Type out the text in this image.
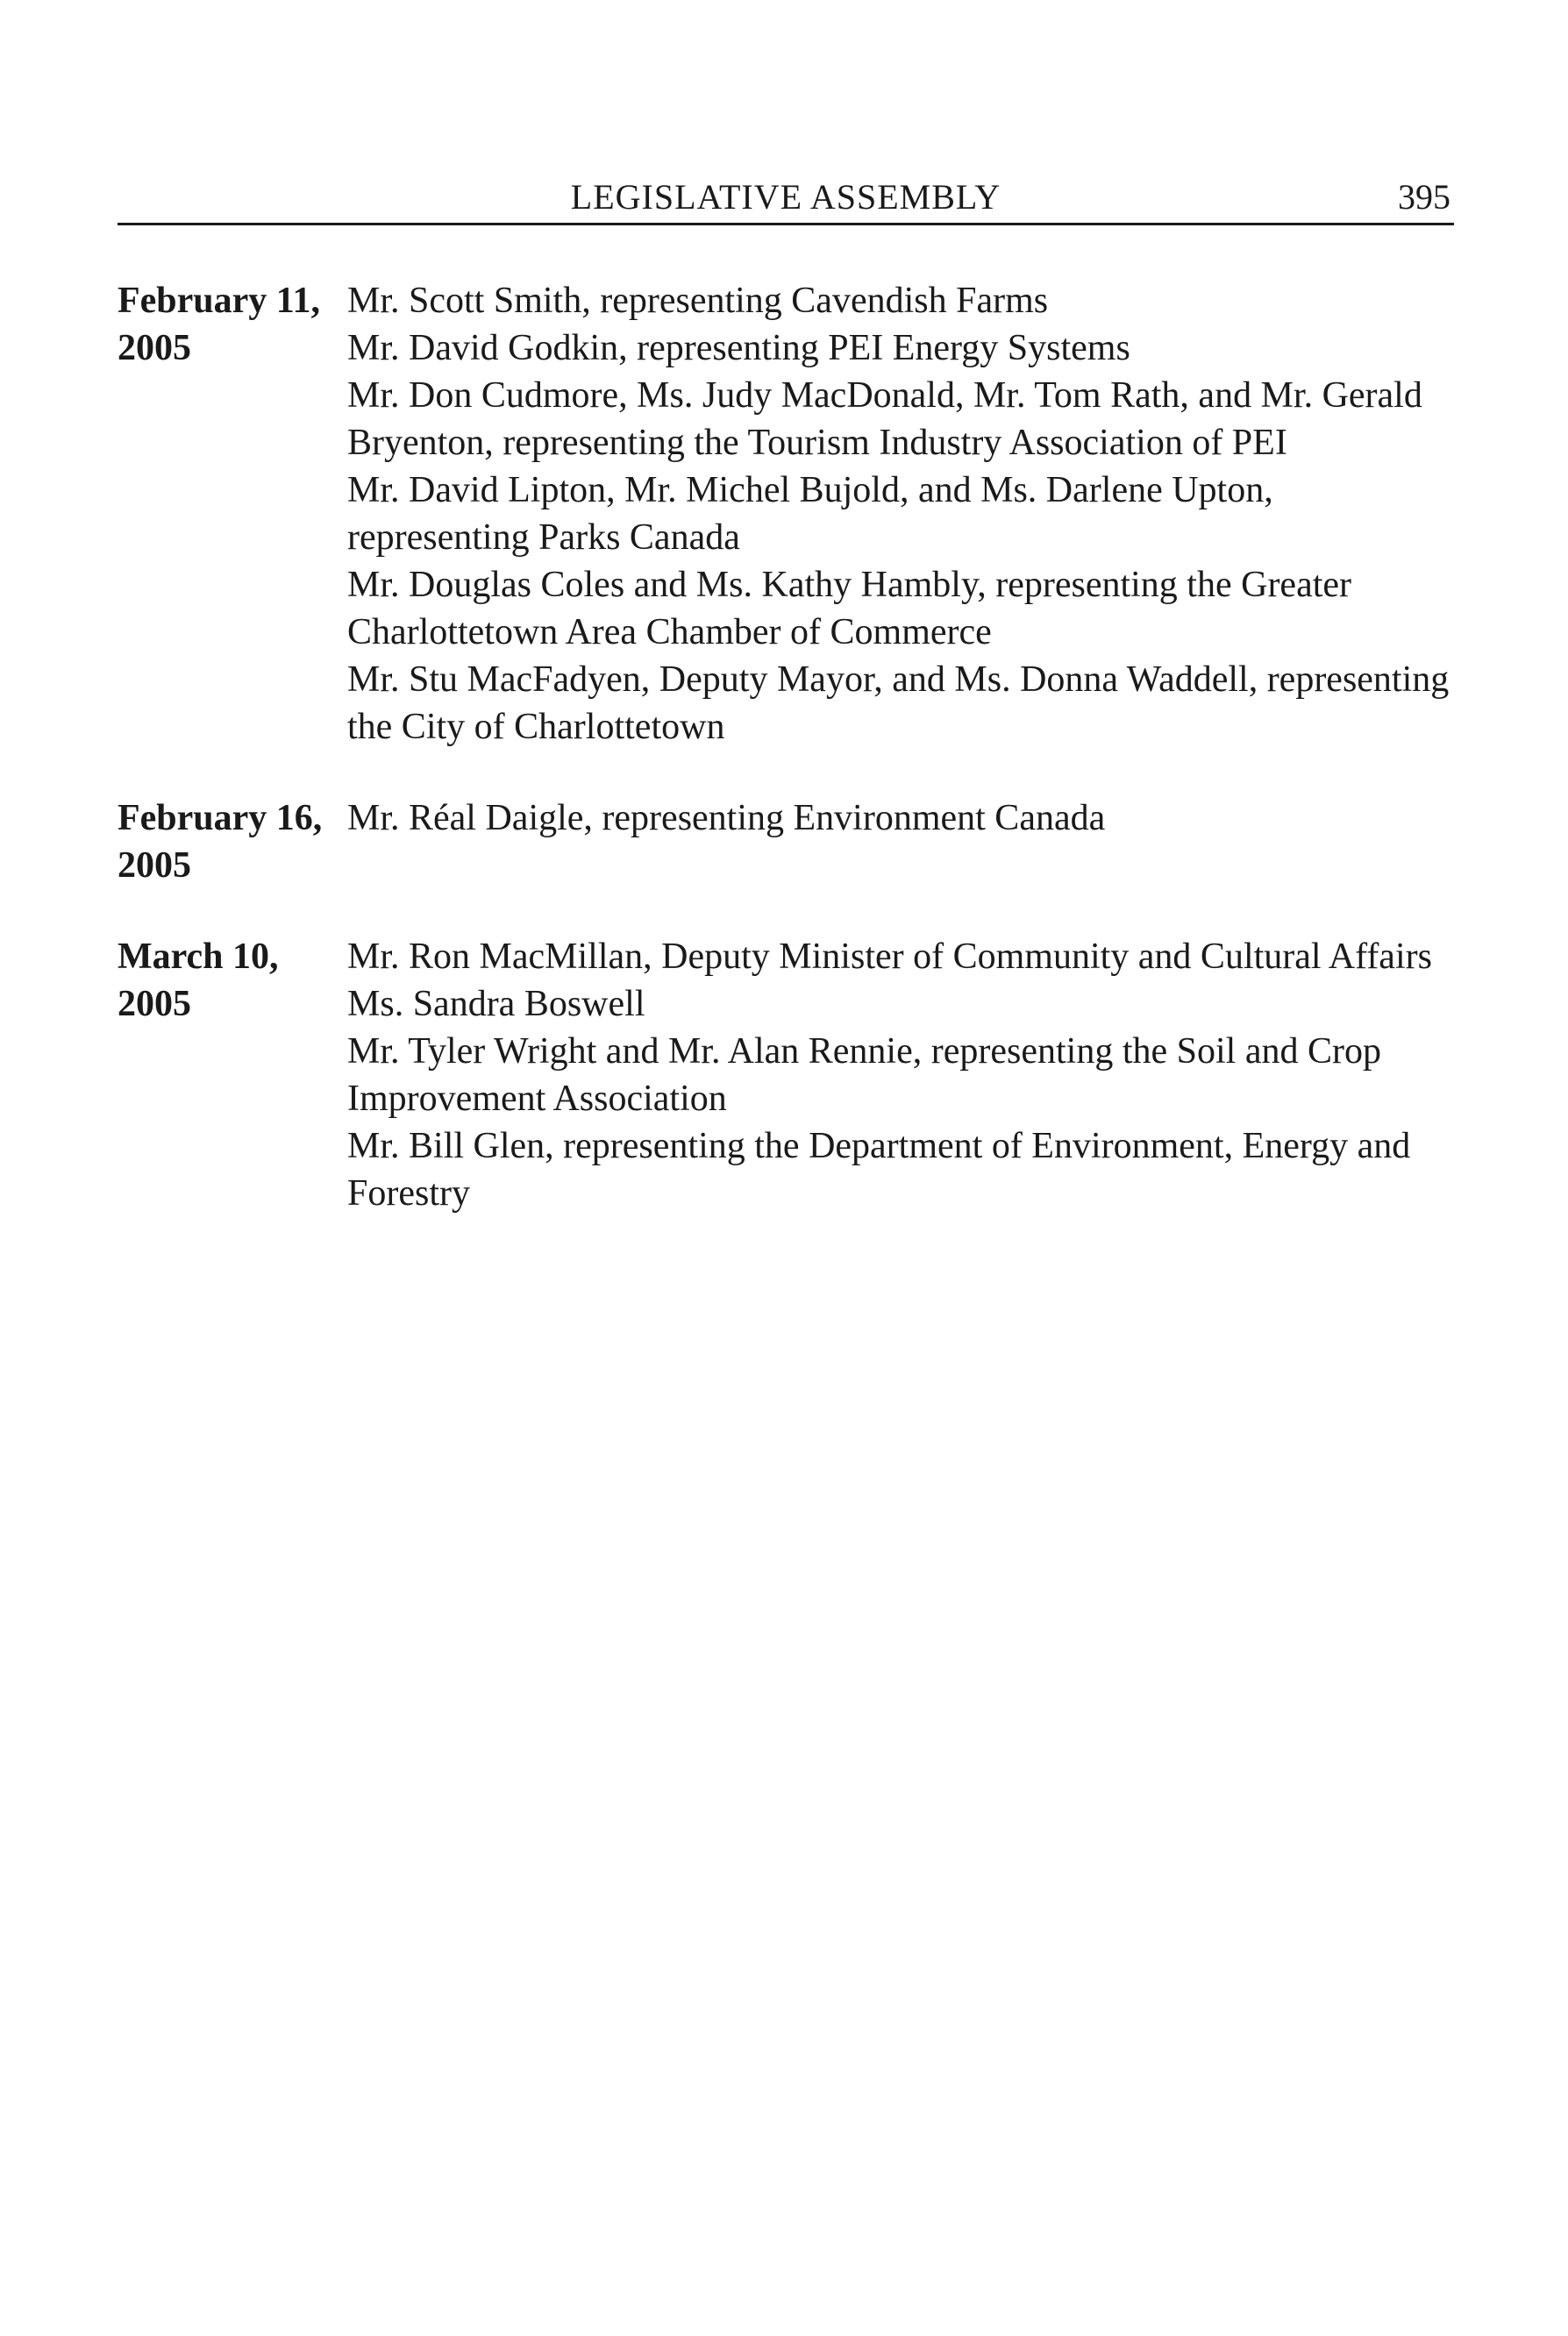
LEGISLATIVE ASSEMBLY	395
February 11,
2005
Mr. Scott Smith, representing Cavendish Farms
Mr. David Godkin, representing PEI Energy Systems
Mr. Don Cudmore, Ms. Judy MacDonald, Mr. Tom Rath, and Mr. Gerald Bryenton, representing the Tourism Industry Association of PEI
Mr. David Lipton, Mr. Michel Bujold, and Ms. Darlene Upton, representing Parks Canada
Mr. Douglas Coles and Ms. Kathy Hambly, representing the Greater Charlottetown Area Chamber of Commerce
Mr. Stu MacFadyen, Deputy Mayor, and Ms. Donna Waddell, representing the City of Charlottetown
February 16,
2005
Mr. Réal Daigle, representing Environment Canada
March 10,
2005
Mr. Ron MacMillan, Deputy Minister of Community and Cultural Affairs
Ms. Sandra Boswell
Mr. Tyler Wright and Mr. Alan Rennie, representing the Soil and Crop Improvement Association
Mr. Bill Glen, representing the Department of Environment, Energy and Forestry
